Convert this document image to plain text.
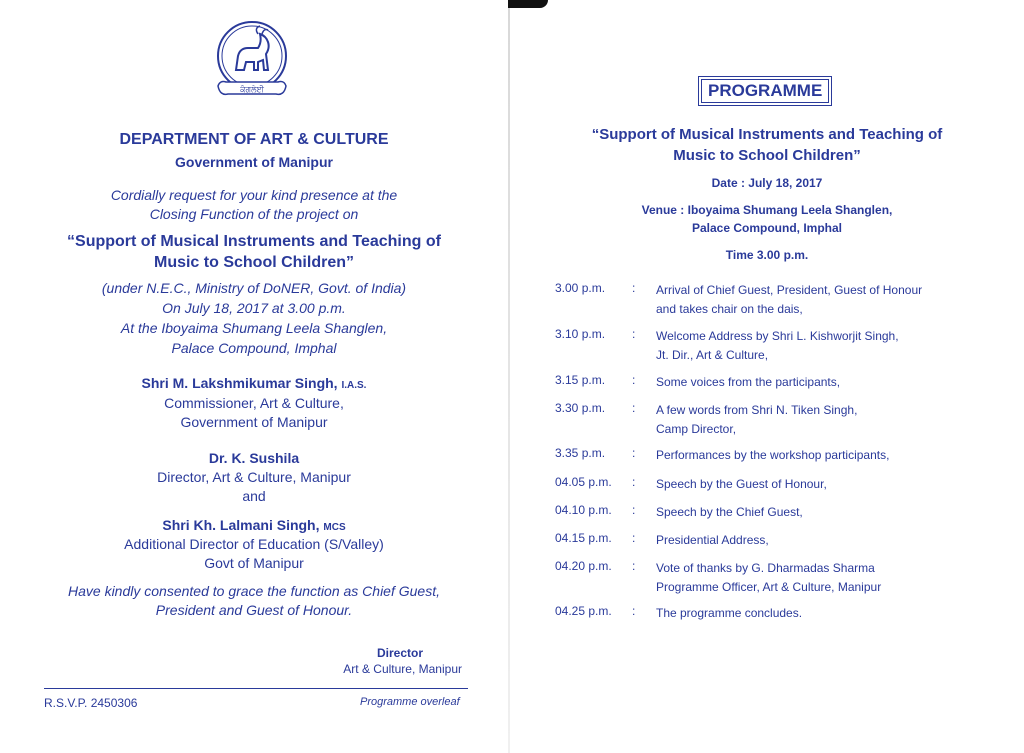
ਕੰਗਲੇਈ
DEPARTMENT OF ART & CULTURE
Government of Manipur
Cordially request for your kind presence at the
Closing Function of the project on
“Support of Musical Instruments and Teaching of
Music to School Children”
(under N.E.C., Ministry of DoNER, Govt. of India)
On July 18, 2017 at 3.00 p.m.
At the Iboyaima Shumang Leela Shanglen,
Palace Compound, Imphal
Shri M. Lakshmikumar Singh, I.A.S.
Commissioner, Art & Culture,
Government of Manipur
Dr. K. Sushila
Director, Art & Culture, Manipur
and
Shri Kh. Lalmani Singh, MCS
Additional Director of Education (S/Valley)
Govt of Manipur
Have kindly consented to grace the function as Chief Guest,
President and Guest of Honour.
Director
Art & Culture, Manipur
R.S.V.P. 2450306	Programme overleaf
PROGRAMME
“Support of Musical Instruments and Teaching of
Music to School Children”
Date : July 18, 2017
Venue : Iboyaima Shumang Leela Shanglen,
Palace Compound, Imphal
Time 3.00 p.m.
3.00 p.m. : Arrival of Chief Guest, President, Guest of Honour
and takes chair on the dais,
3.10 p.m. : Welcome Address by Shri L. Kishworjit Singh,
Jt. Dir., Art & Culture,
3.15 p.m. : Some voices from the participants,
3.30 p.m. : A few words from Shri N. Tiken Singh,
Camp Director,
3.35 p.m. : Performances by the workshop participants,
04.05 p.m. : Speech by the Guest of Honour,
04.10 p.m. : Speech by the Chief Guest,
04.15 p.m. : Presidential Address,
04.20 p.m. : Vote of thanks by G. Dharmadas Sharma
Programme Officer, Art & Culture, Manipur
04.25 p.m. : The programme concludes.
